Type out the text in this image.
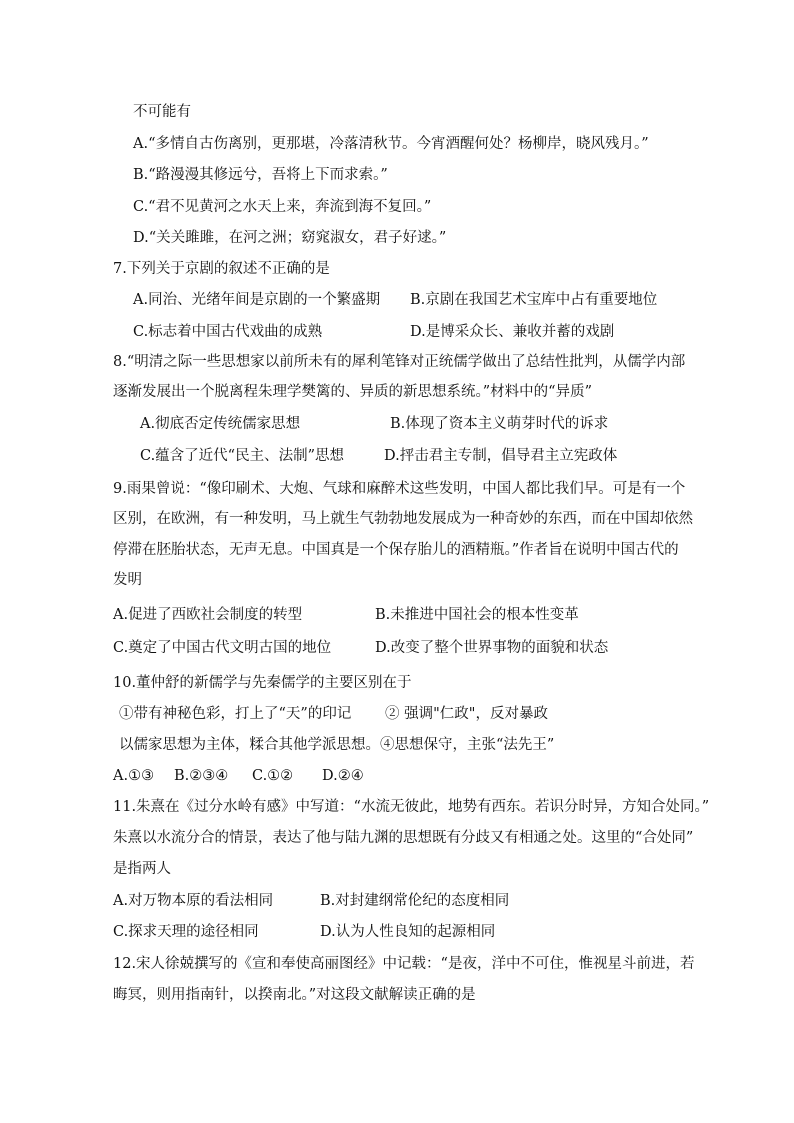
不可能有
A.“多情自古伤离别，更那堪，冷落清秋节。今宵酒醒何处？杨柳岸，晓风残月。”
B.“路漫漫其修远兮，吾将上下而求索。”
C.“君不见黄河之水天上来，奔流到海不复回。”
D.“关关雎雎，在河之洲；窈窕淑女，君子好逑。”
7.下列关于京剧的叙述不正确的是
A.同治、光绪年间是京剧的一个繁盛期 B.京剧在我国艺术宝库中占有重要地位
C.标志着中国古代戏曲的成熟	D.是博采众长、兼收并蓄的戏剧
8.“明清之际一些思想家以前所未有的犀利笔锋对正统儒学做出了总结性批判，从儒学内部
逐渐发展出一个脱离程朱理学樊篱的、异质的新思想系统。”材料中的“异质”
A.彻底否定传统儒家思想	B.体现了资本主义萌芽时代的诉求
C.蕴含了近代“民主、法制”思想	D.抨击君主专制，倡导君主立宪政体
9.雨果曾说：“像印刷术、大炮、气球和麻醉术这些发明，中国人都比我们早。可是有一个
区别，在欧洲，有一种发明，马上就生气勃勃地发展成为一种奇妙的东西，而在中国却依然
停滞在胚胎状态，无声无息。中国真是一个保存胎儿的酒精瓶。”作者旨在说明中国古代的
发明
A.促进了西欧社会制度的转型	B.未推进中国社会的根本性变革
C.奠定了中国古代文明古国的地位	D.改变了整个世界事物的面貌和状态
10.董仲舒的新儒学与先秦儒学的主要区别在于
①带有神秘色彩，打上了“天”的印记 ② 强调"仁政"，反对暴政
以儒家思想为主体，糅合其他学派思想。④思想保守，主张“法先王”
A.①③ B.②③④ C.①② D.②④
11.朱熹在《过分水岭有感》中写道：“水流无彼此，地势有西东。若识分时异，方知合处同。”
朱熹以水流分合的情景，表达了他与陆九渊的思想既有分歧又有相通之处。这里的“合处同”
是指两人
A.对万物本原的看法相同	B.对封建纲常伦纪的态度相同
C.探求天理的途径相同	D.认为人性良知的起源相同
12.宋人徐兢撰写的《宣和奉使高丽图经》中记载：“是夜，洋中不可住，惟视星斗前进，若
晦冥，则用指南针，以揆南北。”对这段文献解读正确的是
